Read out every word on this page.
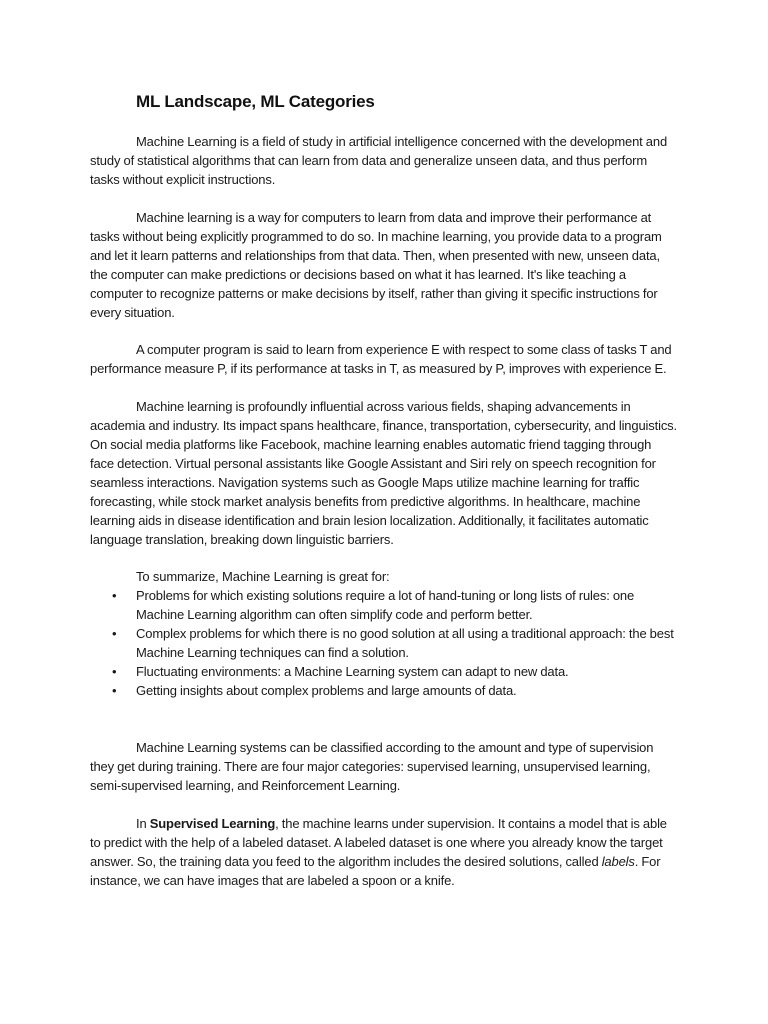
ML Landscape, ML Categories

Machine Learning is a field of study in artificial intelligence concerned with the development and study of statistical algorithms that can learn from data and generalize unseen data, and thus perform tasks without explicit instructions.

Machine learning is a way for computers to learn from data and improve their performance at tasks without being explicitly programmed to do so. In machine learning, you provide data to a program and let it learn patterns and relationships from that data. Then, when presented with new, unseen data, the computer can make predictions or decisions based on what it has learned. It's like teaching a computer to recognize patterns or make decisions by itself, rather than giving it specific instructions for every situation.

A computer program is said to learn from experience E with respect to some class of tasks T and performance measure P, if its performance at tasks in T, as measured by P, improves with experience E.

Machine learning is profoundly influential across various fields, shaping advancements in academia and industry. Its impact spans healthcare, finance, transportation, cybersecurity, and linguistics. On social media platforms like Facebook, machine learning enables automatic friend tagging through face detection. Virtual personal assistants like Google Assistant and Siri rely on speech recognition for seamless interactions. Navigation systems such as Google Maps utilize machine learning for traffic forecasting, while stock market analysis benefits from predictive algorithms. In healthcare, machine learning aids in disease identification and brain lesion localization. Additionally, it facilitates automatic language translation, breaking down linguistic barriers.

To summarize, Machine Learning is great for:

• Problems for which existing solutions require a lot of hand-tuning or long lists of rules: one Machine Learning algorithm can often simplify code and perform better.
• Complex problems for which there is no good solution at all using a traditional approach: the best Machine Learning techniques can find a solution.
• Fluctuating environments: a Machine Learning system can adapt to new data.
• Getting insights about complex problems and large amounts of data.

Machine Learning systems can be classified according to the amount and type of supervision they get during training. There are four major categories: supervised learning, unsupervised learning, semi-supervised learning, and Reinforcement Learning.

In Supervised Learning, the machine learns under supervision. It contains a model that is able to predict with the help of a labeled dataset. A labeled dataset is one where you already know the target answer. So, the training data you feed to the algorithm includes the desired solutions, called labels. For instance, we can have images that are labeled a spoon or a knife.
